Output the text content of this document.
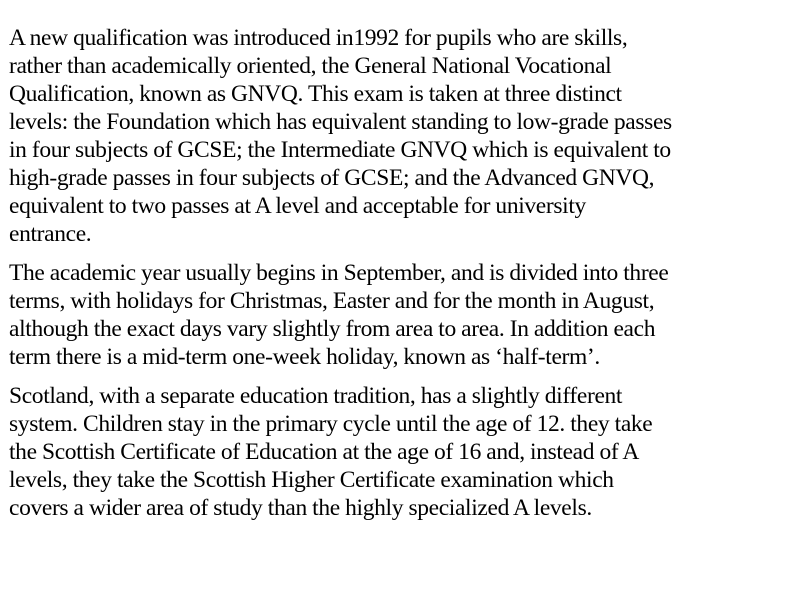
A new qualification was introduced in1992 for pupils who are skills,
rather than academically oriented, the General National Vocational
Qualification, known as GNVQ. This exam is taken at three distinct
levels: the Foundation which has equivalent standing to low-grade passes
in four subjects of GCSE; the Intermediate GNVQ which is equivalent to
high-grade passes in four subjects of GCSE; and the Advanced GNVQ,
equivalent to two passes at A level and acceptable for university
entrance.

The academic year usually begins in September, and is divided into three
terms, with holidays for Christmas, Easter and for the month in August,
although the exact days vary slightly from area to area. In addition each
term there is a mid-term one-week holiday, known as ‘half-term’.

Scotland, with a separate education tradition, has a slightly different
system. Children stay in the primary cycle until the age of 12. they take
the Scottish Certificate of Education at the age of 16 and, instead of A
levels, they take the Scottish Higher Certificate examination which
covers a wider area of study than the highly specialized A levels.
